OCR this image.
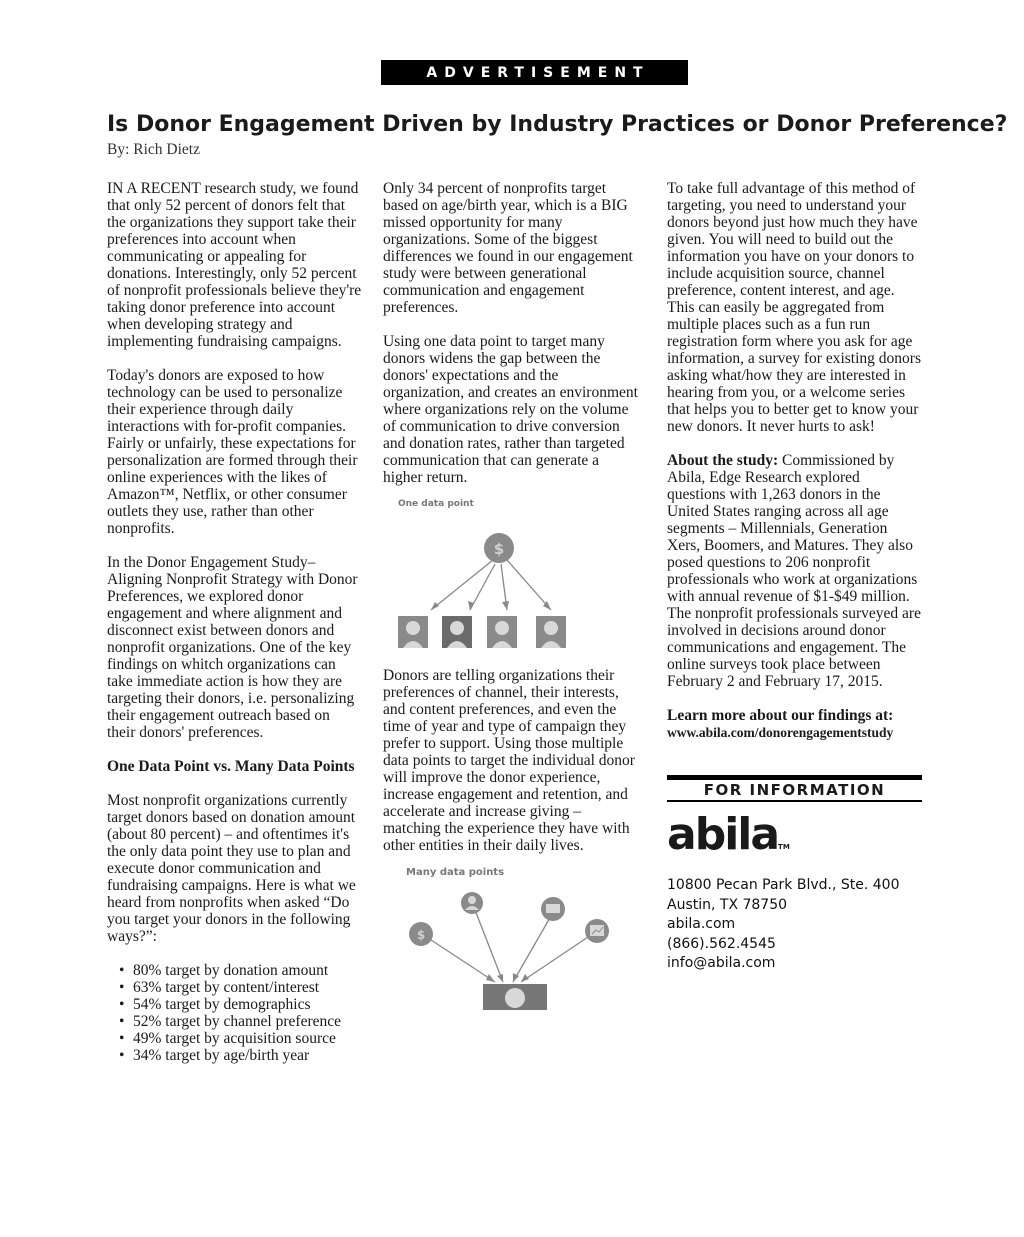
ADVERTISEMENT
Is Donor Engagement Driven by Industry Practices or Donor Preference?
By: Rich Dietz

IN A RECENT research study, we found that only 52 percent of donors felt that the organizations they support take their preferences into account when communicating or appealing for donations. Interestingly, only 52 percent of nonprofit professionals believe they're taking donor preference into account when developing strategy and implementing fundraising campaigns.

Today's donors are exposed to how technology can be used to personalize their experience through daily interactions with for-profit companies. Fairly or unfairly, these expectations for personalization are formed through their online experiences with the likes of Amazon™, Netflix, or other consumer outlets they use, rather than other nonprofits.

In the Donor Engagement Study–Aligning Nonprofit Strategy with Donor Preferences, we explored donor engagement and where alignment and disconnect exist between donors and nonprofit organizations. One of the key findings on whitch organizations can take immediate action is how they are targeting their donors, i.e. personalizing their engagement outreach based on their donors' preferences.

One Data Point vs. Many Data Points

Most nonprofit organizations currently target donors based on donation amount (about 80 percent) – and oftentimes it's the only data point they use to plan and execute donor communication and fundraising campaigns. Here is what we heard from nonprofits when asked “Do you target your donors in the following ways?”:

• 80% target by donation amount
• 63% target by content/interest
• 54% target by demographics
• 52% target by channel preference
• 49% target by acquisition source
• 34% target by age/birth year

Only 34 percent of nonprofits target based on age/birth year, which is a BIG missed opportunity for many organizations. Some of the biggest differences we found in our engagement study were between generational communication and engagement preferences.

Using one data point to target many donors widens the gap between the donors' expectations and the organization, and creates an environment where organizations rely on the volume of communication to drive conversion and donation rates, rather than targeted communication that can generate a higher return.

One data point
$

Donors are telling organizations their preferences of channel, their interests, and content preferences, and even the time of year and type of campaign they prefer to support. Using those multiple data points to target the individual donor will improve the donor experience, increase engagement and retention, and accelerate and increase giving – matching the experience they have with other entities in their daily lives.

Many data points
$

To take full advantage of this method of targeting, you need to understand your donors beyond just how much they have given. You will need to build out the information you have on your donors to include acquisition source, channel preference, content interest, and age. This can easily be aggregated from multiple places such as a fun run registration form where you ask for age information, a survey for existing donors asking what/how they are interested in hearing from you, or a welcome series that helps you to better get to know your new donors. It never hurts to ask!

About the study: Commissioned by Abila, Edge Research explored questions with 1,263 donors in the United States ranging across all age segments – Millennials, Generation Xers, Boomers, and Matures. They also posed questions to 206 nonprofit professionals who work at organizations with annual revenue of $1-$49 million. The nonprofit professionals surveyed are involved in decisions around donor communications and engagement. The online surveys took place between February 2 and February 17, 2015.

Learn more about our findings at:
www.abila.com/donorengagementstudy

FOR INFORMATION
abilaTM
10800 Pecan Park Blvd., Ste. 400
Austin, TX 78750
abila.com
(866).562.4545
info@abila.com
